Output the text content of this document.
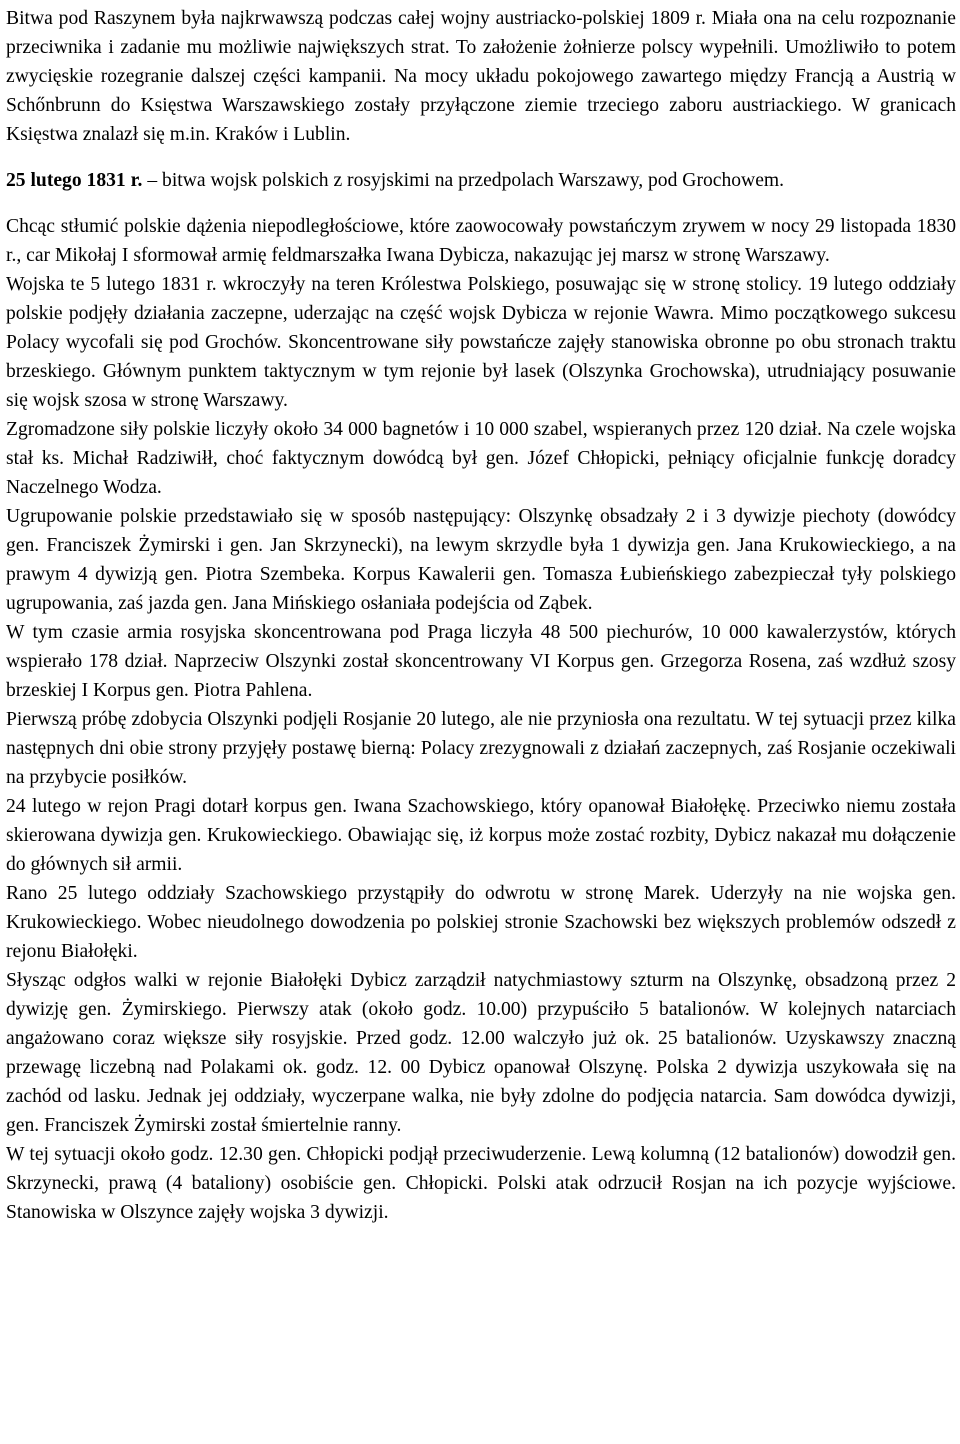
Bitwa pod Raszynem była najkrwawszą podczas całej wojny austriacko-polskiej 1809 r. Miała ona na celu rozpoznanie przeciwnika i zadanie mu możliwie największych strat. To założenie żołnierze polscy wypełnili. Umożliwiło to potem zwycięskie rozegranie dalszej części kampanii. Na mocy układu pokojowego zawartego między Francją a Austrią w Schőnbrunn do Księstwa Warszawskiego zostały przyłączone ziemie trzeciego zaboru austriackiego. W granicach Księstwa znalazł się m.in. Kraków i Lublin.

25 lutego 1831 r. – bitwa wojsk polskich z rosyjskimi na przedpolach Warszawy, pod Grochowem.

Chcąc stłumić polskie dążenia niepodległościowe, które zaowocowały powstańczym zrywem w nocy 29 listopada 1830 r., car Mikołaj I sformował armię feldmarszałka Iwana Dybicza, nakazując jej marsz w stronę Warszawy.

Wojska te 5 lutego 1831 r. wkroczyły na teren Królestwa Polskiego, posuwając się w stronę stolicy. 19 lutego oddziały polskie podjęły działania zaczepne, uderzając na część wojsk Dybicza w rejonie Wawra. Mimo początkowego sukcesu Polacy wycofali się pod Grochów. Skoncentrowane siły powstańcze zajęły stanowiska obronne po obu stronach traktu brzeskiego. Głównym punktem taktycznym w tym rejonie był lasek (Olszynka Grochowska), utrudniający posuwanie się wojsk szosa w stronę Warszawy.

Zgromadzone siły polskie liczyły około 34 000 bagnetów i 10 000 szabel, wspieranych przez 120 dział. Na czele wojska stał ks. Michał Radziwiłł, choć faktycznym dowódcą był gen. Józef Chłopicki, pełniący oficjalnie funkcję doradcy Naczelnego Wodza.

Ugrupowanie polskie przedstawiało się w sposób następujący: Olszynkę obsadzały 2 i 3 dywizje piechoty (dowódcy gen. Franciszek Żymirski i gen. Jan Skrzynecki), na lewym skrzydle była 1 dywizja gen. Jana Krukowieckiego, a na prawym 4 dywizją gen. Piotra Szembeka. Korpus Kawalerii gen. Tomasza Łubieńskiego zabezpieczał tyły polskiego ugrupowania, zaś jazda gen. Jana Mińskiego osłaniała podejścia od Ząbek.

W tym czasie armia rosyjska skoncentrowana pod Praga liczyła 48 500 piechurów, 10 000 kawalerzystów, których wspierało 178 dział. Naprzeciw Olszynki został skoncentrowany VI Korpus gen. Grzegorza Rosena, zaś wzdłuż szosy brzeskiej I Korpus gen. Piotra Pahlena.

Pierwszą próbę zdobycia Olszynki podjęli Rosjanie 20 lutego, ale nie przyniosła ona rezultatu. W tej sytuacji przez kilka następnych dni obie strony przyjęły postawę bierną: Polacy zrezygnowali z działań zaczepnych, zaś Rosjanie oczekiwali na przybycie posiłków.

24 lutego w rejon Pragi dotarł korpus gen. Iwana Szachowskiego, który opanował Białołękę. Przeciwko niemu została skierowana dywizja gen. Krukowieckiego. Obawiając się, iż korpus może zostać rozbity, Dybicz nakazał mu dołączenie do głównych sił armii.

Rano 25 lutego oddziały Szachowskiego przystąpiły do odwrotu w stronę Marek. Uderzyły na nie wojska gen. Krukowieckiego. Wobec nieudolnego dowodzenia po polskiej stronie Szachowski bez większych problemów odszedł z rejonu Białołęki.

Słysząc odgłos walki w rejonie Białołęki Dybicz zarządził natychmiastowy szturm na Olszynkę, obsadzoną przez 2 dywizję gen. Żymirskiego. Pierwszy atak (około godz. 10.00) przypuściło 5 batalionów. W kolejnych natarciach angażowano coraz większe siły rosyjskie. Przed godz. 12.00 walczyło już ok. 25 batalionów. Uzyskawszy znaczną przewagę liczebną nad Polakami ok. godz. 12. 00 Dybicz opanował Olszynę. Polska 2 dywizja uszykowała się na zachód od lasku. Jednak jej oddziały, wyczerpane walka, nie były zdolne do podjęcia natarcia. Sam dowódca dywizji, gen. Franciszek Żymirski został śmiertelnie ranny.

W tej sytuacji około godz. 12.30 gen. Chłopicki podjął przeciwuderzenie. Lewą kolumną (12 batalionów) dowodził gen. Skrzynecki, prawą (4 bataliony) osobiście gen. Chłopicki. Polski atak odrzucił Rosjan na ich pozycje wyjściowe. Stanowiska w Olszynce zajęły wojska 3 dywizji.
